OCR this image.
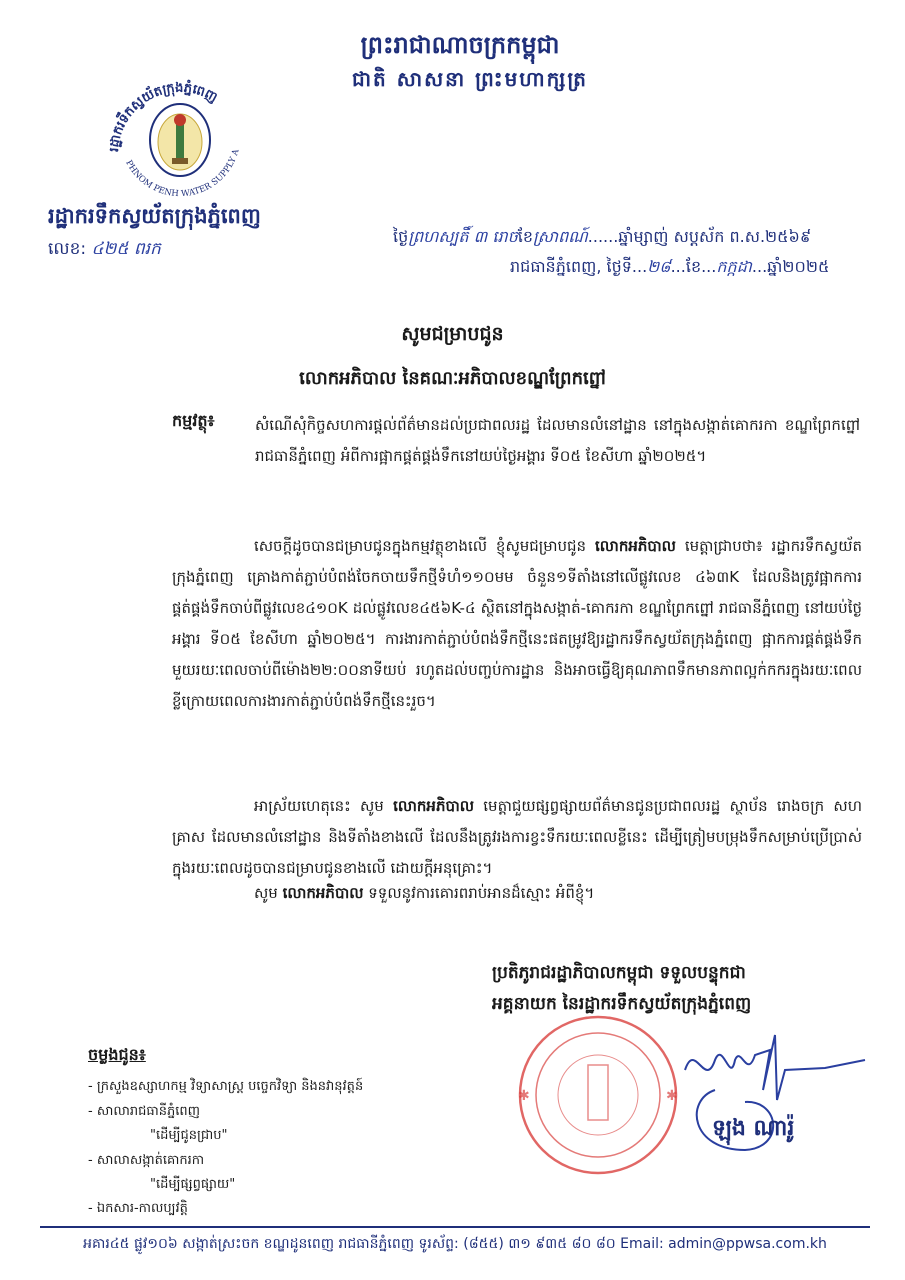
ព្រះរាជាណាចក្រកម្ពុជា
ជាតិ សាសនា ព្រះមហាក្សត្រ
រដ្ឋាករទឹកស្វយ័តក្រុងភ្នំពេញ
PHNOM PENH WATER SUPPLY A
រដ្ឋាករទឹកស្វយ័តក្រុងភ្នំពេញ
លេខ: ៤២៥ ពរក
ថ្ងៃព្រហស្បតិ៍ ៣ រោចខែស្រាពណ៍......ឆ្នាំម្សាញ់ សប្តស័ក ព.ស.២៥៦៩
រាជធានីភ្នំពេញ, ថ្ងៃទី...២៨...ខែ...កក្កដា...ឆ្នាំ២០២៥
សូមជម្រាបជូន
លោកអភិបាល នៃគណៈអភិបាលខណ្ឌព្រែកព្នៅ
កម្មវត្ថុ៖	សំណើសុំកិច្ចសហការផ្តល់ព័ត៌មានដល់ប្រជាពលរដ្ឋ ដែលមានលំនៅដ្ឋាន នៅក្នុងសង្កាត់គោករកា ខណ្ឌព្រែកព្នៅ រាជធានីភ្នំពេញ អំពីការផ្អាកផ្គត់ផ្គង់ទឹកនៅយប់ថ្ងៃអង្គារ ទី០៥ ខែសីហា ឆ្នាំ២០២៥។
សេចក្តីដូចបានជម្រាបជូនក្នុងកម្មវត្ថុខាងលើ ខ្ញុំសូមជម្រាបជូន លោកអភិបាល មេត្តាជ្រាបថា៖ រដ្ឋាករទឹកស្វយ័តក្រុងភ្នំពេញ គ្រោងកាត់ភ្ជាប់បំពង់ចែកចាយទឹកថ្មីទំហំ១១០មម ចំនួន១ទីតាំងនៅលើផ្លូវលេខ ៤៦៣K ដែលនិងត្រូវផ្អាកការផ្គត់ផ្គង់ទឹកចាប់ពីផ្លូវលេខ៤១០K ដល់ផ្លូវលេខ៤៥៦K-៤ ស្ថិតនៅក្នុងសង្កាត់-គោករកា ខណ្ឌព្រែកព្នៅ រាជធានីភ្នំពេញ នៅយប់ថ្ងៃអង្គារ ទី០៥ ខែសីហា ឆ្នាំ២០២៥។ ការងារកាត់ភ្ជាប់បំពង់ទឹកថ្មីនេះផតម្រូវឱ្យរដ្ឋាករទឹកស្វយ័តក្រុងភ្នំពេញ ផ្អាកការផ្គត់ផ្គង់ទឹកមួយរយៈពេលចាប់ពីម៉ោង២២:០០នាទីយប់ រហូតដល់បញ្ចប់ការដ្ឋាន និងអាចធ្វើឱ្យគុណភាពទឹកមានភាពល្អក់កករក្នុងរយៈពេលខ្លីក្រោយពេលការងារកាត់ភ្ជាប់បំពង់ទឹកថ្មីនេះរួច។
អាស្រ័យហេតុនេះ សូម លោកអភិបាល មេត្តាជួយផ្សព្វផ្សាយព័ត៌មានជូនប្រជាពលរដ្ឋ ស្ថាប័ន រោងចក្រ សហគ្រាស ដែលមានលំនៅដ្ឋាន និងទីតាំងខាងលើ ដែលនឹងត្រូវរងការខ្វះទឹករយៈពេលខ្លីនេះ ដើម្បីត្រៀមបម្រុងទឹកសម្រាប់ប្រើប្រាស់ក្នុងរយៈពេលដូចបានជម្រាបជូនខាងលើ ដោយក្តីអនុគ្រោះ។
សូម លោកអភិបាល ទទួលនូវការគោរពរាប់អានដ៏ស្មោះ អំពីខ្ញុំ។
ប្រតិភូរាជរដ្ឋាភិបាលកម្ពុជា ទទួលបន្ទុកជា
អគ្គនាយក នៃរដ្ឋាករទឹកស្វយ័តក្រុងភ្នំពេញ
✱	✱
ឡុង ណារ៉ូ
ចម្លងជូន៖
- ក្រសួងឧស្សាហកម្ម វិទ្យាសាស្ត្រ បច្ចេកវិទ្យា និងនវានុវត្តន៍
- សាលារាជធានីភ្នំពេញ
"ដើម្បីជូនជ្រាប"
- សាលាសង្កាត់គោករកា
"ដើម្បីផ្សព្វផ្សាយ"
- ឯកសារ-កាលប្បវត្តិ
អគារ៤៥ ផ្លូវ១០៦ សង្កាត់ស្រះចក ខណ្ឌដូនពេញ រាជធានីភ្នំពេញ ទូរស័ព្ទ: (៨៥៥) ៣១ ៩៣៥ ៨០ ៨០ Email: admin@ppwsa.com.kh
